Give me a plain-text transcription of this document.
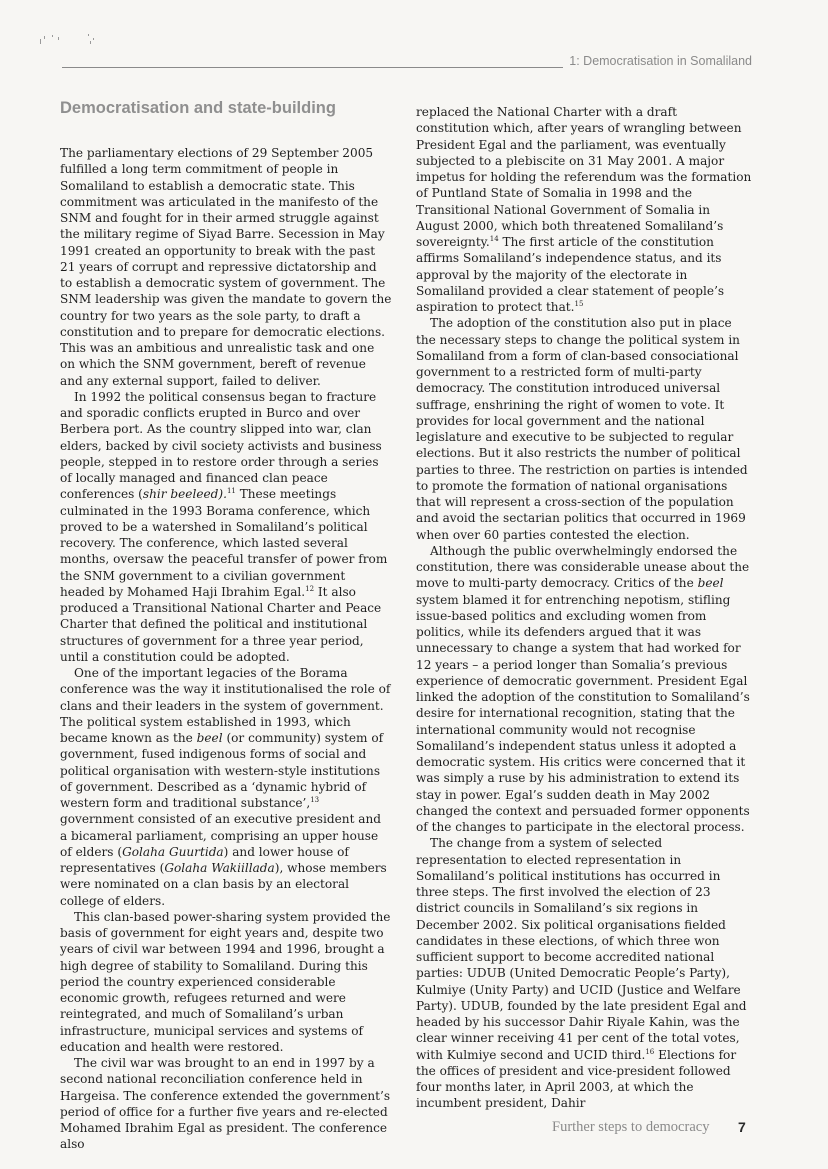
1: Democratisation in Somaliland
Democratisation and state-building

The parliamentary elections of 29 September 2005 fulfilled a long term commitment of people in Somaliland to establish a democratic state. This commitment was articulated in the manifesto of the SNM and fought for in their armed struggle against the military regime of Siyad Barre. Secession in May 1991 created an opportunity to break with the past 21 years of corrupt and repressive dictatorship and to establish a democratic system of government. The SNM leadership was given the mandate to govern the country for two years as the sole party, to draft a constitution and to prepare for democratic elections. This was an ambitious and unrealistic task and one on which the SNM government, bereft of revenue and any external support, failed to deliver.

In 1992 the political consensus began to fracture and sporadic conflicts erupted in Burco and over Berbera port. As the country slipped into war, clan elders, backed by civil society activists and business people, stepped in to restore order through a series of locally managed and financed clan peace conferences (shir beeleed).$^{11}$ These meetings culminated in the 1993 Borama conference, which proved to be a watershed in Somaliland’s political recovery. The conference, which lasted several months, oversaw the peaceful transfer of power from the SNM government to a civilian government headed by Mohamed Haji Ibrahim Egal.$^{12}$ It also produced a Transitional National Charter and Peace Charter that defined the political and institutional structures of government for a three year period, until a constitution could be adopted.

One of the important legacies of the Borama conference was the way it institutionalised the role of clans and their leaders in the system of government. The political system established in 1993, which became known as the beel (or community) system of government, fused indigenous forms of social and political organisation with western-style institutions of government. Described as a ‘dynamic hybrid of western form and traditional substance’,$^{13}$ government consisted of an executive president and a bicameral parliament, comprising an upper house of elders (Golaha Guurtida) and lower house of representatives (Golaha Wakiillada), whose members were nominated on a clan basis by an electoral college of elders.

This clan-based power-sharing system provided the basis of government for eight years and, despite two years of civil war between 1994 and 1996, brought a high degree of stability to Somaliland. During this period the country experienced considerable economic growth, refugees returned and were reintegrated, and much of Somaliland’s urban infrastructure, municipal services and systems of education and health were restored.

The civil war was brought to an end in 1997 by a second national reconciliation conference held in Hargeisa. The conference extended the government’s period of office for a further five years and re-elected Mohamed Ibrahim Egal as president. The conference also

replaced the National Charter with a draft constitution which, after years of wrangling between President Egal and the parliament, was eventually subjected to a plebiscite on 31 May 2001. A major impetus for holding the referendum was the formation of Puntland State of Somalia in 1998 and the Transitional National Government of Somalia in August 2000, which both threatened Somaliland’s sovereignty.$^{14}$ The first article of the constitution affirms Somaliland’s independence status, and its approval by the majority of the electorate in Somaliland provided a clear statement of people’s aspiration to protect that.$^{15}$

The adoption of the constitution also put in place the necessary steps to change the political system in Somaliland from a form of clan-based consociational government to a restricted form of multi-party democracy. The constitution introduced universal suffrage, enshrining the right of women to vote. It provides for local government and the national legislature and executive to be subjected to regular elections. But it also restricts the number of political parties to three. The restriction on parties is intended to promote the formation of national organisations that will represent a cross-section of the population and avoid the sectarian politics that occurred in 1969 when over 60 parties contested the election.

Although the public overwhelmingly endorsed the constitution, there was considerable unease about the move to multi-party democracy. Critics of the beel system blamed it for entrenching nepotism, stifling issue-based politics and excluding women from politics, while its defenders argued that it was unnecessary to change a system that had worked for 12 years – a period longer than Somalia’s previous experience of democratic government. President Egal linked the adoption of the constitution to Somaliland’s desire for international recognition, stating that the international community would not recognise Somaliland’s independent status unless it adopted a democratic system. His critics were concerned that it was simply a ruse by his administration to extend its stay in power. Egal’s sudden death in May 2002 changed the context and persuaded former opponents of the changes to participate in the electoral process.

The change from a system of selected representation to elected representation in Somaliland’s political institutions has occurred in three steps. The first involved the election of 23 district councils in Somaliland’s six regions in December 2002. Six political organisations fielded candidates in these elections, of which three won sufficient support to become accredited national parties: UDUB (United Democratic People’s Party), Kulmiye (Unity Party) and UCID (Justice and Welfare Party). UDUB, founded by the late president Egal and headed by his successor Dahir Riyale Kahin, was the clear winner receiving 41 per cent of the total votes, with Kulmiye second and UCID third.$^{16}$ Elections for the offices of president and vice-president followed four months later, in April 2003, at which the incumbent president, Dahir

Further steps to democracy 7
